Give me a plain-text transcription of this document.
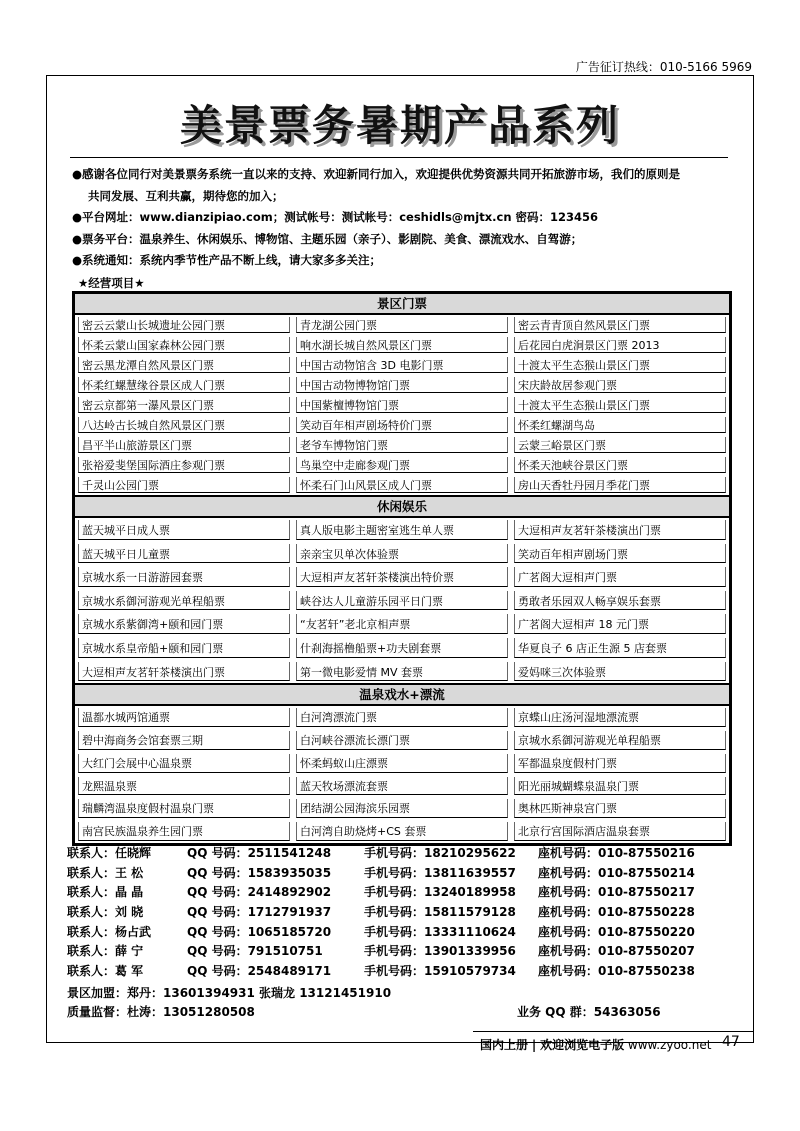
广告征订热线：010-5166 5969
美景票务暑期产品系列

●感谢各位同行对美景票务系统一直以来的支持、欢迎新同行加入，欢迎提供优势资源共同开拓旅游市场，我们的原则是

共同发展、互利共赢，期待您的加入；

●平台网址：www.dianzipiao.com；测试帐号：测试帐号：ceshidls@mjtx.cn 密码：123456

●票务平台：温泉养生、休闲娱乐、博物馆、主题乐园（亲子）、影剧院、美食、漂流戏水、自驾游；

●系统通知：系统内季节性产品不断上线，请大家多多关注；

★经营项目★
景区门票
密云云蒙山长城遗址公园门票	青龙湖公园门票	密云青青顶自然风景区门票
怀柔云蒙山国家森林公园门票	响水湖长城自然风景区门票	后花园白虎涧景区门票 2013
密云黑龙潭自然风景区门票	中国古动物馆含 3D 电影门票	十渡太平生态猴山景区门票
怀柔红螺慧缘谷景区成人门票	中国古动物博物馆门票	宋庆龄故居参观门票
密云京都第一瀑风景区门票	中国紫檀博物馆门票	十渡太平生态猴山景区门票
八达岭古长城自然风景区门票	笑动百年相声剧场特价门票	怀柔红螺湖鸟岛
昌平半山旅游景区门票	老爷车博物馆门票	云蒙三峪景区门票
张裕爱斐堡国际酒庄参观门票	鸟巢空中走廊参观门票	怀柔天池峡谷景区门票
千灵山公园门票	怀柔石门山风景区成人门票	房山天香牡丹园月季花门票
休闲娱乐
蓝天城平日成人票	真人版电影主题密室逃生单人票	大逗相声友茗轩茶楼演出门票
蓝天城平日儿童票	亲亲宝贝单次体验票	笑动百年相声剧场门票
京城水系一日游游园套票	大逗相声友茗轩茶楼演出特价票	广茗阁大逗相声门票
京城水系御河游观光单程船票	峡谷达人儿童游乐园平日门票	勇敢者乐园双人畅享娱乐套票
京城水系紫御湾+颐和园门票	“友茗轩”老北京相声票	广茗阁大逗相声 18 元门票
京城水系皇帝船+颐和园门票	什刹海摇橹船票+功夫剧套票	华夏良子 6 店正生源 5 店套票
大逗相声友茗轩茶楼演出门票	第一微电影爱情 MV 套票	爱妈咪三次体验票
温泉戏水+漂流
温都水城两馆通票	白河湾漂流门票	京蝶山庄汤河湿地漂流票
碧中海商务会馆套票三期	白河峡谷漂流长漂门票	京城水系御河游观光单程船票
大红门会展中心温泉票	怀柔蚂蚁山庄漂票	军都温泉度假村门票
龙熙温泉票	蓝天牧场漂流套票	阳光丽城蝴蝶泉温泉门票
瑞麟湾温泉度假村温泉门票	团结湖公园海滨乐园票	奥林匹斯神泉宫门票
南宫民族温泉养生园门票	白河湾自助烧烤+CS 套票	北京行宫国际酒店温泉套票
联系人：任晓辉	QQ 号码：2511541248	手机号码：18210295622 座机号码：010-87550216
联系人：王 松	QQ 号码：1583935035	手机号码：13811639557 座机号码：010-87550214
联系人：晶 晶	QQ 号码：2414892902	手机号码：13240189958 座机号码：010-87550217
联系人：刘 晓	QQ 号码：1712791937	手机号码：15811579128 座机号码：010-87550228
联系人：杨占武	QQ 号码：1065185720	手机号码：13331110624 座机号码：010-87550220
联系人：薛 宁	QQ 号码：791510751	手机号码：13901339956 座机号码：010-87550207
联系人：葛 军	QQ 号码：2548489171	手机号码：15910579734 座机号码：010-87550238
景区加盟：郑丹：13601394931 张瑞龙 13121451910
质量监督：杜涛：13051280508	业务 QQ 群：54363056
国内上册 | 欢迎浏览电子版 www.zyoo.net 47
